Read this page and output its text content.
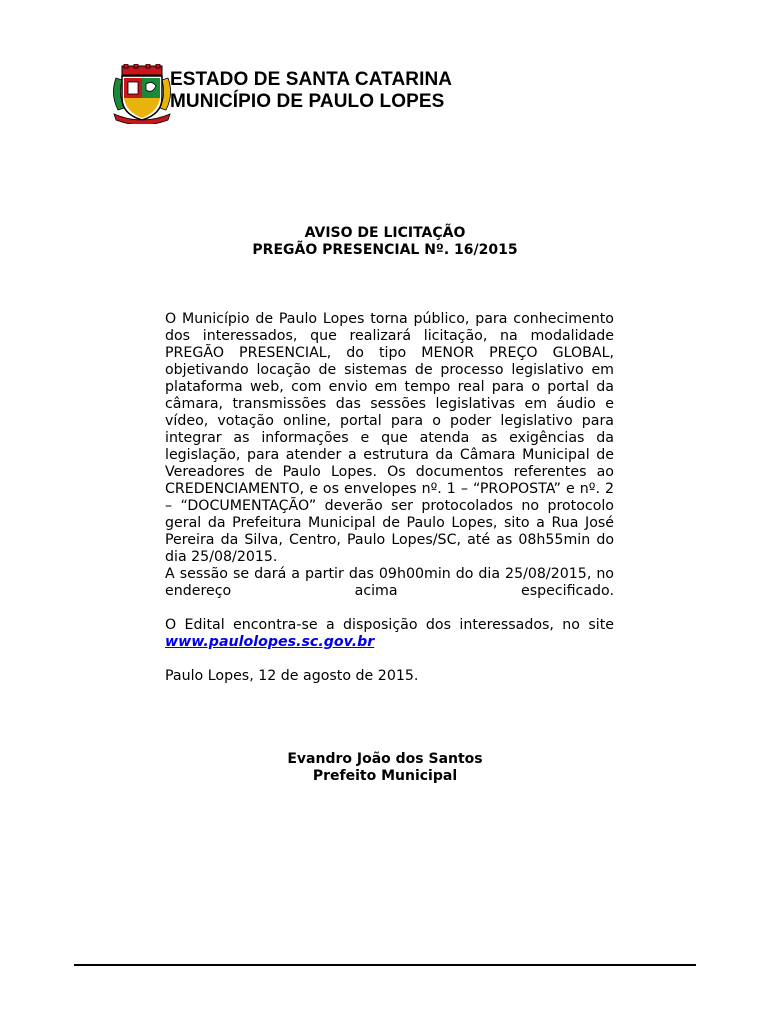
ESTADO DE SANTA CATARINA
MUNICÍPIO DE PAULO LOPES
AVISO DE LICITAÇÃO
PREGÃO PRESENCIAL Nº. 16/2015

O Município de Paulo Lopes torna público, para conhecimento dos interessados, que realizará licitação, na modalidade PREGÃO PRESENCIAL, do tipo MENOR PREÇO GLOBAL, objetivando locação de sistemas de processo legislativo em plataforma web, com envio em tempo real para o portal da câmara, transmissões das sessões legislativas em áudio e vídeo, votação online, portal para o poder legislativo para integrar as informações e que atenda as exigências da legislação, para atender a estrutura da Câmara Municipal de Vereadores de Paulo Lopes. Os documentos referentes ao CREDENCIAMENTO, e os envelopes nº. 1 – “PROPOSTA” e nº. 2 – “DOCUMENTAÇÃO” deverão ser protocolados no protocolo geral da Prefeitura Municipal de Paulo Lopes, sito a Rua José Pereira da Silva, Centro, Paulo Lopes/SC, até as 08h55min do dia 25/08/2015.

A sessão se dará a partir das 09h00min do dia 25/08/2015, no endereço acima especificado.

O Edital encontra-se a disposição dos interessados, no site www.paulolopes.sc.gov.br

Paulo Lopes, 12 de agosto de 2015.

Evandro João dos Santos
Prefeito Municipal
